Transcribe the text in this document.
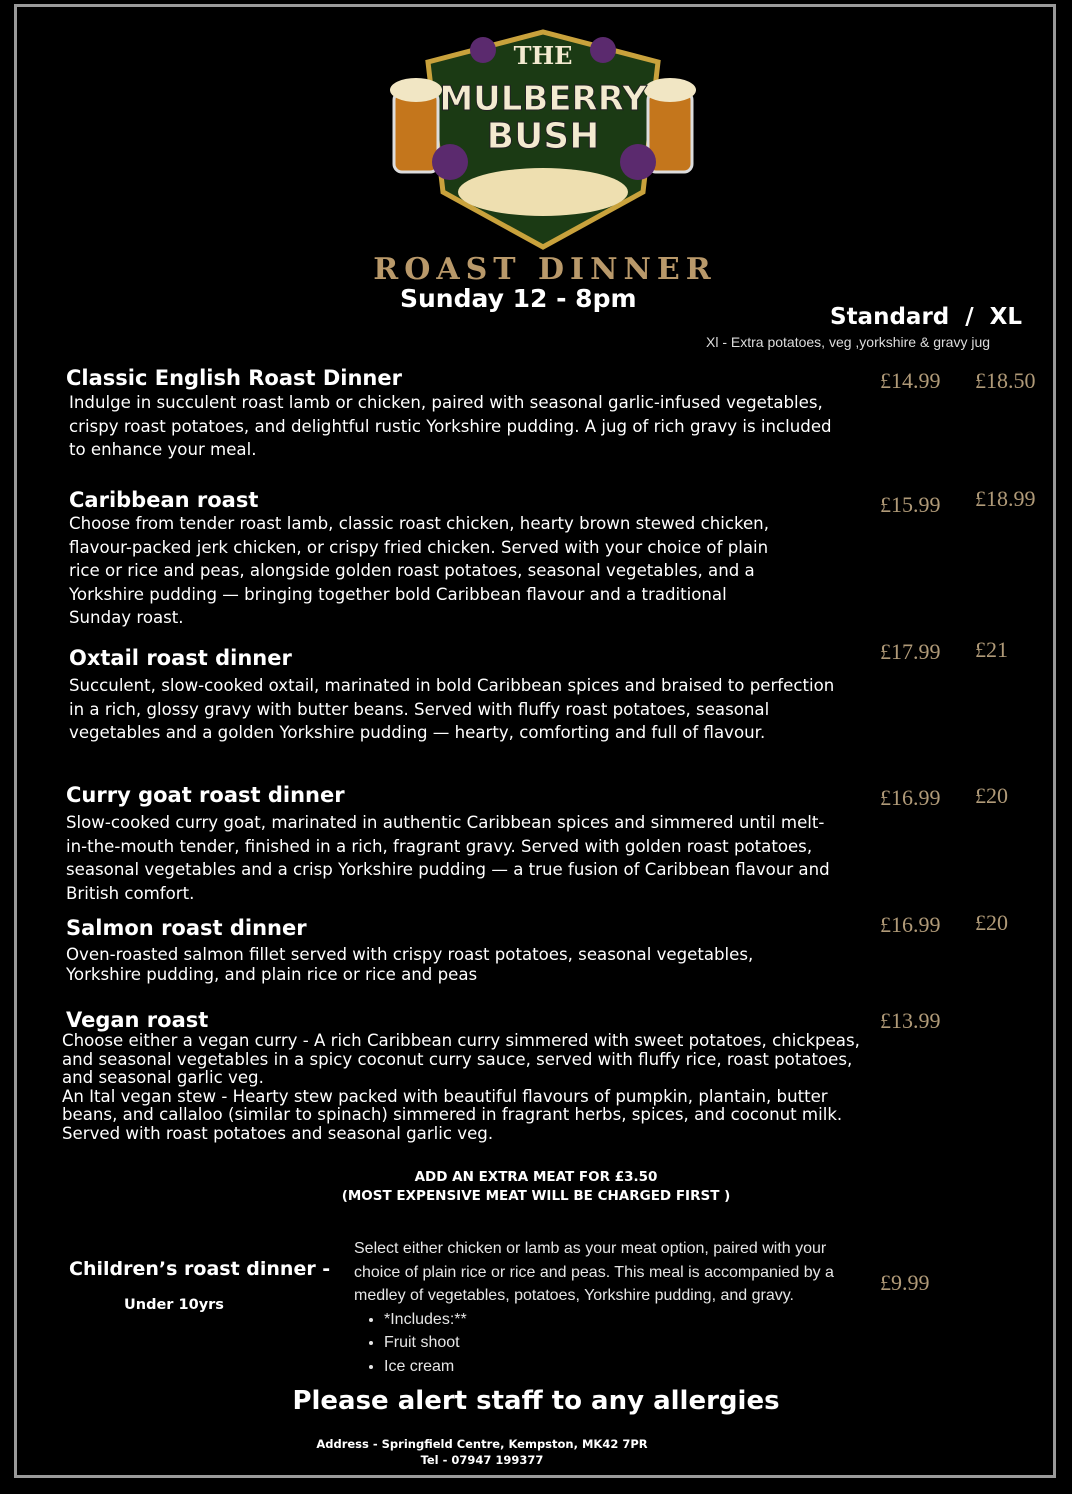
THE
MULBERRY
BUSH
ROAST DINNER
Sunday 12 - 8pm
Standard  /  XL
Xl - Extra potatoes, veg ,yorkshire & gravy jug
Classic English Roast Dinner
Indulge in succulent roast lamb or chicken, paired with seasonal garlic-infused vegetables, crispy roast potatoes, and delightful rustic Yorkshire pudding. A jug of rich gravy is included to enhance your meal.
£14.99 £18.50
Caribbean roast
Choose from tender roast lamb, classic roast chicken, hearty brown stewed chicken, flavour-packed jerk chicken, or crispy fried chicken. Served with your choice of plain rice or rice and peas, alongside golden roast potatoes, seasonal vegetables, and a Yorkshire pudding — bringing together bold Caribbean flavour and a traditional Sunday roast.
£15.99 £18.99
Oxtail roast dinner
Succulent, slow-cooked oxtail, marinated in bold Caribbean spices and braised to perfection in a rich, glossy gravy with butter beans. Served with fluffy roast potatoes, seasonal vegetables and a golden Yorkshire pudding — hearty, comforting and full of flavour.
£17.99 £21
Curry goat roast dinner
Slow-cooked curry goat, marinated in authentic Caribbean spices and simmered until melt-in-the-mouth tender, finished in a rich, fragrant gravy. Served with golden roast potatoes, seasonal vegetables and a crisp Yorkshire pudding — a true fusion of Caribbean flavour and British comfort.
£16.99 £20
Salmon roast dinner
Oven-roasted salmon fillet served with crispy roast potatoes, seasonal vegetables, Yorkshire pudding, and plain rice or rice and peas
£16.99 £20
Vegan roast
Choose either a vegan curry - A rich Caribbean curry simmered with sweet potatoes, chickpeas, and seasonal vegetables in a spicy coconut curry sauce, served with fluffy rice, roast potatoes, and seasonal garlic veg.
An Ital vegan stew - Hearty stew packed with beautiful flavours of pumpkin, plantain, butter beans, and callaloo (similar to spinach) simmered in fragrant herbs, spices, and coconut milk. Served with roast potatoes and seasonal garlic veg.
£13.99
ADD AN EXTRA MEAT FOR £3.50
(MOST EXPENSIVE MEAT WILL BE CHARGED FIRST )
Children’s roast dinner -
Under 10yrs
Select either chicken or lamb as your meat option, paired with your choice of plain rice or rice and peas. This meal is accompanied by a medley of vegetables, potatoes, Yorkshire pudding, and gravy.
• *Includes:**
• Fruit shoot
• Ice cream
£9.99
Please alert staff to any allergies
Address - Springfield Centre, Kempston, MK42 7PR
Tel - 07947 199377
